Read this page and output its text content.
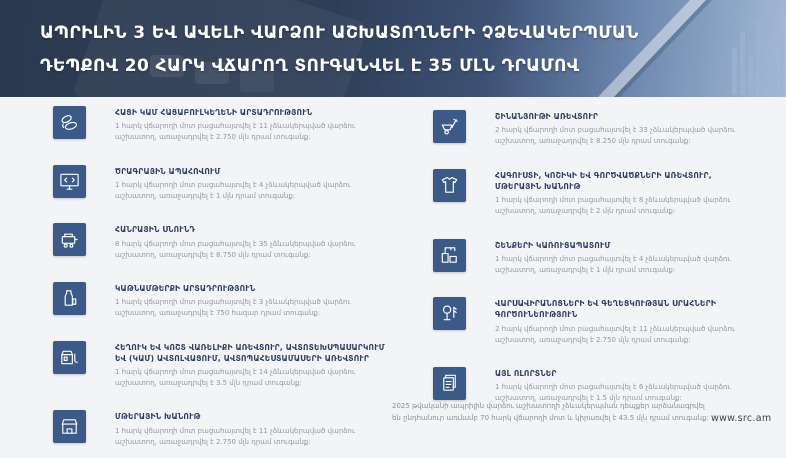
ԱՊՐԻԼԻՆ 3 ԵՎ ԱՎԵԼԻ ՎԱՐՁՈՒ ԱՇԽԱՏՈՂՆԵՐԻ ՉՁԵՎԱԿԵՐՊՄԱՆ
ԴԵՊՔՈՎ 20 ՀԱՐԿ ՎՃԱՐՈՂ ՏՈՒԳԱՆՎԵԼ Է 35 ՄԼՆ ԴՐԱՄՈՎ
ՀԱՑԻ ԿԱՄ ՀԱՑԱԲՈՒԼԿԵՂԵՆԻ ԱՐՏԱԴՐՈՒԹՅՈՒՆ
1 հարկ վճարողի մոտ բացահայտվել է 11 չձևակերպված վարձու աշխատող, առաջադրվել է 2.750 մլն դրամ տուգանք:
ԾՐԱԳՐԱՅԻՆ ԱՊԱՀՈՎՈՒՄ
1 հարկ վճարողի մոտ բացահայտվել է 4 չձևակերպված վարձու աշխատող, առաջադրվել է 1 մլն դրամ տուգանք:
ՀԱՆՐԱՅԻՆ ՍՆՈՒՆԴ
8 հարկ վճարողի մոտ բացահայտվել է 35 չձևակերպված վարձու աշխատող, առաջադրվել է 8.750 մլն դրամ տուգանք:
ԿԱԹՆԱՄԹԵՐՔԻ ԱՐՏԱԴՐՈՒԹՅՈՒՆ
1 հարկ վճարողի մոտ բացահայտվել է 3 չձևակերպված վարձու աշխատող, առաջադրվել է 750 հազար դրամ տուգանք:
ՀԵՂՈՒԿ ԵՎ ԿՈՇՏ ՎԱՌԵԼԻՔԻ ԱՌԵՎՏՈՒՐ, ԱՎՏՈՏԵԽՍՊԱՍԱՐԿՈՒՄ ԵՎ (ԿԱՄ) ԱՎՏՈԼՎԱՑՈՒՄ, ԱՎՏՈՊԱՀԵՍՏԱՄԱՍԵՐԻ ԱՌԵՎՏՈՒՐ
1 հարկ վճարողի մոտ բացահայտվել է 14 չձևակերպված վարձու աշխատող, առաջադրվել է 3.5 մլն դրամ տուգանք:
ՄԹԵՐԱՅԻՆ ԽԱՆՈՒԹ
1 հարկ վճարողի մոտ բացահայտվել է 11 չձևակերպված վարձու աշխատող, առաջադրվել է 2.750 մլն դրամ տուգանք:
ՇԻՆԱՆՅՈՒԹԻ ԱՌԵՎՏՈՒՐ
2 հարկ վճարողի մոտ բացահայտվել է 33 չձևակերպված վարձու աշխատող, առաջադրվել է 8.250 մլն դրամ տուգանք:
ՀԱԳՈՒՍՏԻ, ԿՈՇԻԿԻ ԵՎ ԳՈՐԾՎԱԾՔՆԵՐԻ ԱՌԵՎՏՈՒՐ, ՄԹԵՐԱՅԻՆ ԽԱՆՈՒԹ
1 հարկ վճարողի մոտ բացահայտվել է 8 չձևակերպված վարձու աշխատող, առաջադրվել է 2 մլն դրամ տուգանք:
ՇԵՆՔԵՐԻ ԿԱՌՈՒՑԱՊԱՏՈՒՄ
1 հարկ վճարողի մոտ բացահայտվել է 4 չձևակերպված վարձու աշխատող, առաջադրվել է 1 մլն դրամ տուգանք:
ՎԱՐՍԱՎԻՐԱՆՈՑՆԵՐԻ ԵՎ ԳԵՂԵՑԿՈՒԹՅԱՆ ՍՐԱՀՆԵՐԻ ԳՈՐԾՈՒՆԵՈՒԹՅՈՒՆ
2 հարկ վճարողի մոտ բացահայտվել է 11 չձևակերպված վարձու աշխատող, առաջադրվել է 2.750 մլն դրամ տուգանք:
ԱՅԼ ՈԼՈՐՏՆԵՐ
1 հարկ վճարողի մոտ բացահայտվել է 6 չձևակերպված վարձու աշխատող, առաջադրվել է 1.5 մլն դրամ տուգանք:
2025 թվականի ապրիլին վարձու աշխատողի չձևակերպման դեպքեր արձանագրվել են ընդհանուր առմամբ 70 հարկ վճարողի մոտ և կիրառվել է 43.5 մլն դրամ տուգանք: www.src.am
